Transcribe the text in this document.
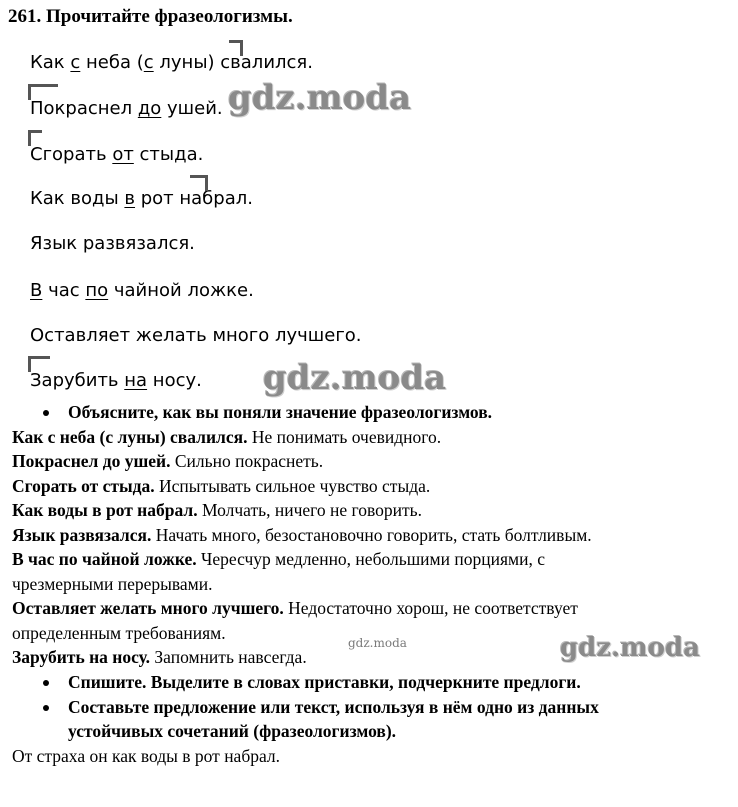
261. Прочитайте фразеологизмы.
Как с неба (с луны) свалился.
Покраснел до ушей.
Сгорать от стыда.
Как воды в рот набрал.
Язык развязался.
В час по чайной ложке.
Оставляет желать много лучшего.
Зарубить на носу.
gdz.moda
gdz.moda
gdz.moda
gdz.moda
Объясните, как вы поняли значение фразеологизмов.
Как с неба (с луны) свалился. Не понимать очевидного.
Покраснел до ушей. Сильно покраснеть.
Сгорать от стыда. Испытывать сильное чувство стыда.
Как воды в рот набрал. Молчать, ничего не говорить.
Язык развязался. Начать много, безостановочно говорить, стать болтливым.
В час по чайной ложке. Чересчур медленно, небольшими порциями, с
чрезмерными перерывами.
Оставляет желать много лучшего. Недостаточно хорош, не соответствует
определенным требованиям.
Зарубить на носу. Запомнить навсегда.
Спишите. Выделите в словах приставки, подчеркните предлоги.
Составьте предложение или текст, используя в нём одно из данных
устойчивых сочетаний (фразеологизмов).
От страха он как воды в рот набрал.
